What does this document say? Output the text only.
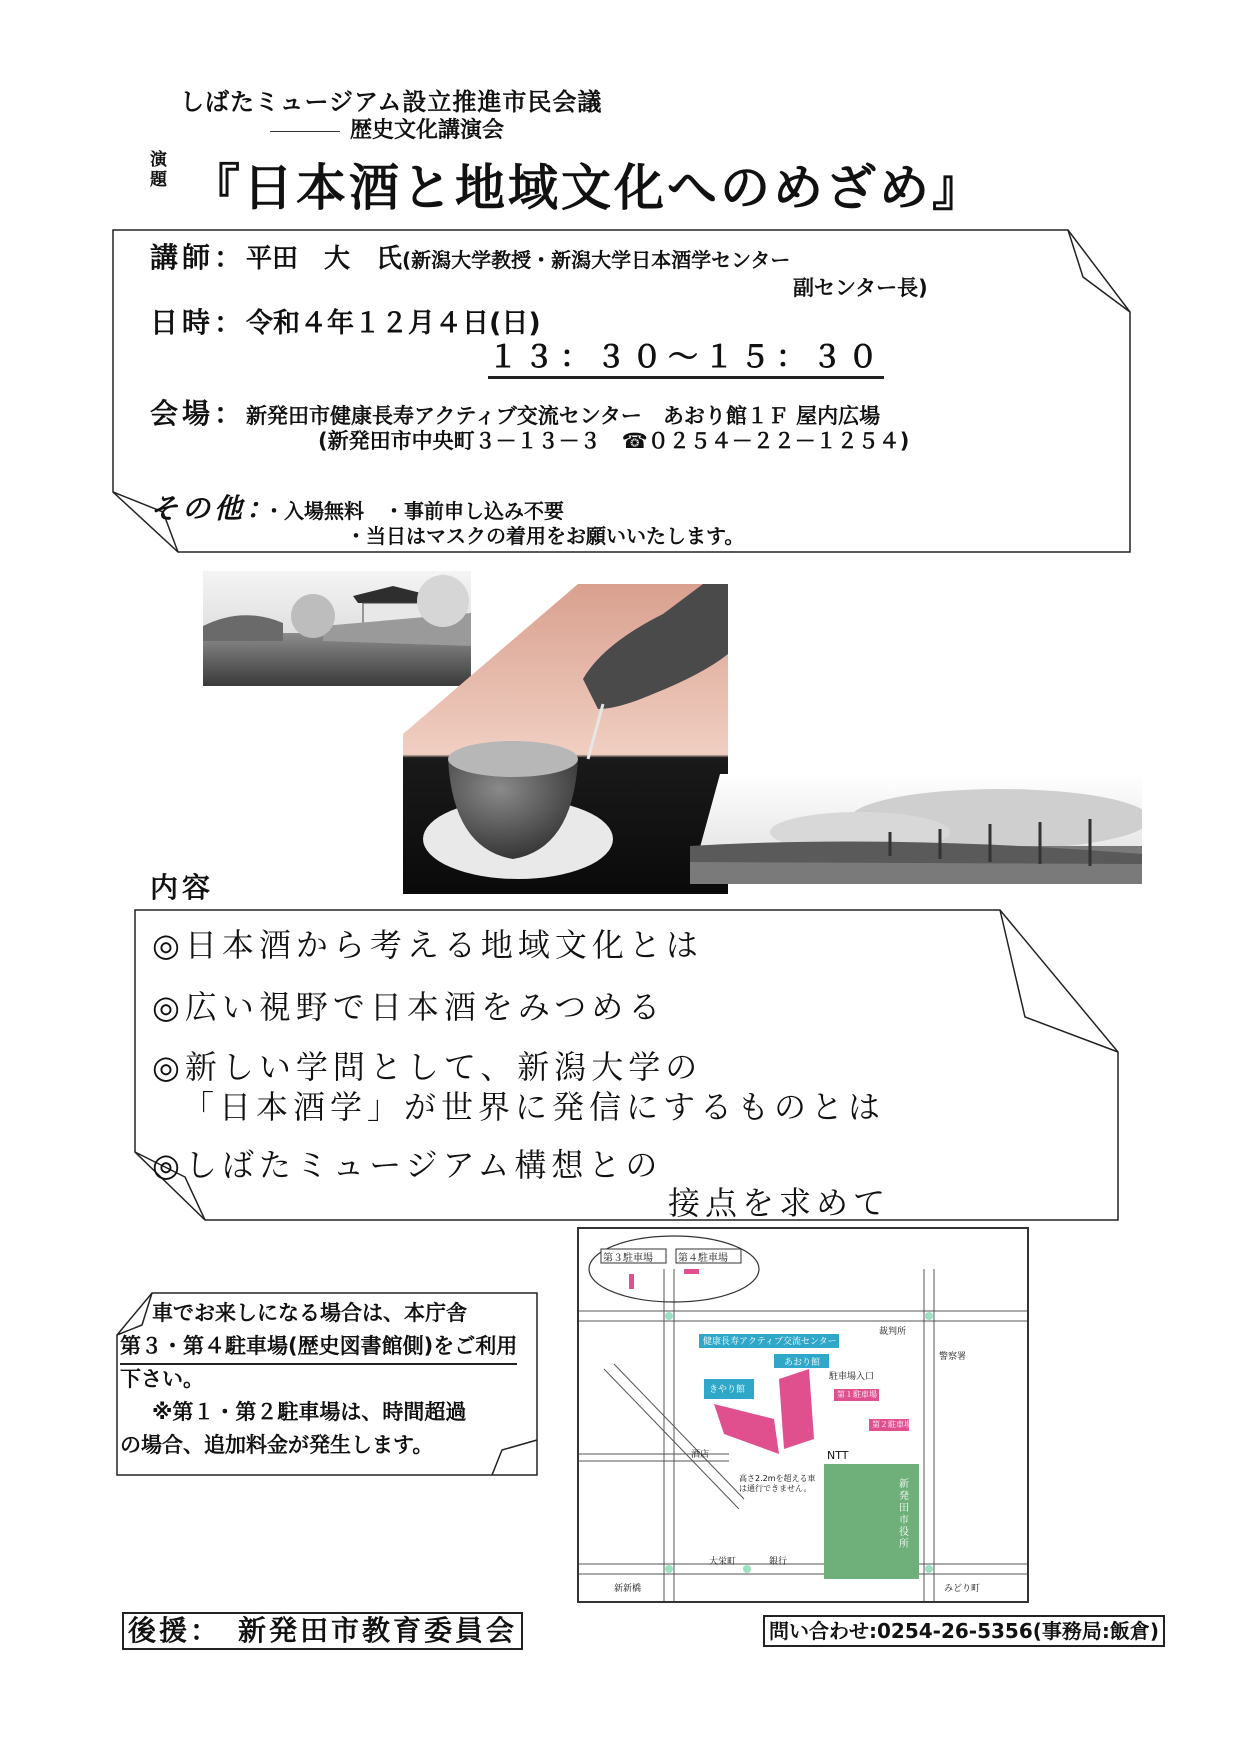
しばたミュージアム設立推進市民会議
歴史文化講演会
演
題 『日本酒と地域文化へのめざめ』
講師：平田　大　氏(新潟大学教授・新潟大学日本酒学センター
副センター長)
日時：令和４年１２月４日(日)
１３：３０～１５：３０
会場：新発田市健康長寿アクティブ交流センター　あおり館１Ｆ 屋内広場
(新発田市中央町３－１３－３　☎０２５４－２２－１２５４)
その他：・入場無料　・事前申し込み不要
・当日はマスクの着用をお願いいたします。
内容
◎日本酒から考える地域文化とは
◎広い視野で日本酒をみつめる
◎新しい学問として、新潟大学の
「日本酒学」が世界に発信にするものとは
◎しばたミュージアム構想との
接点を求めて
車でお来しになる場合は、本庁舎
第３・第４駐車場(歴史図書館側)をご利用
下さい。
※第１・第２駐車場は、時間超過
の場合、追加料金が発生します。
第３駐車場	第４駐車場
健康長寿アクティブ交流センター
あおり館
きやり館
NTT
新発田市役所
高さ2.2mを超える車は通行できません。
第１駐車場
第２駐車場
裁判所
警察署
駐車場入口
銀行
酒店
大栄町
新新橋	みどり町
後援：　新発田市教育委員会	問い合わせ:0254-26-5356(事務局:飯倉)
